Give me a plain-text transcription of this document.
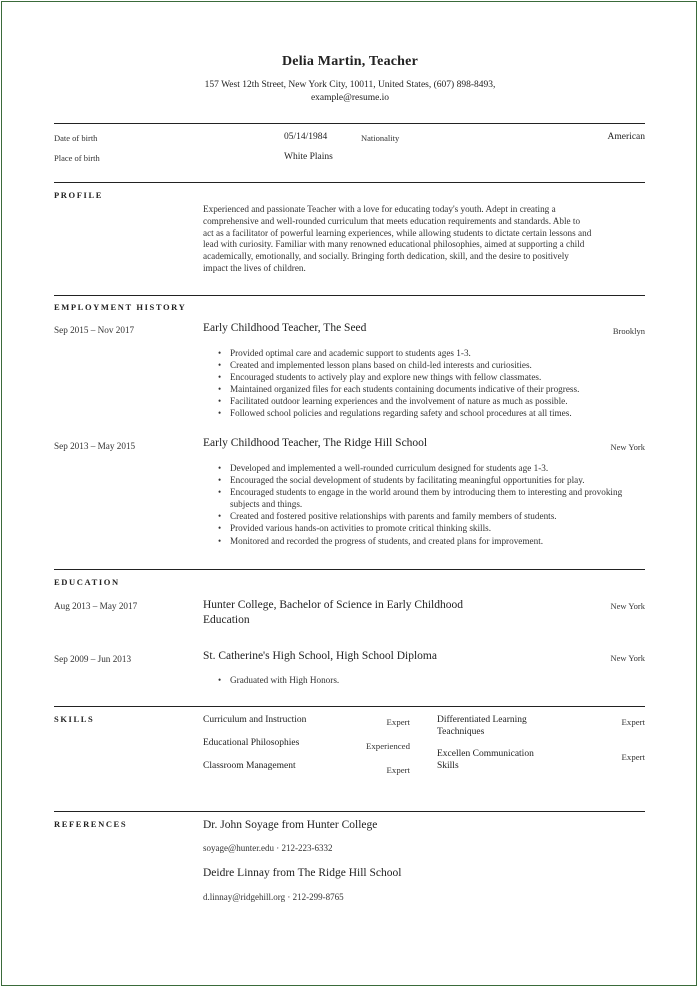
Delia Martin, Teacher
157 West 12th Street, New York City, 10011, United States, (607) 898-8493,
example@resume.io
Date of birth	05/14/1984	Nationality	American
Place of birth	White Plains
PROFILE
Experienced and passionate Teacher with a love for educating today's youth. Adept in creating a
comprehensive and well-rounded curriculum that meets education requirements and standards. Able to
act as a facilitator of powerful learning experiences, while allowing students to dictate certain lessons and
lead with curiosity. Familiar with many renowned educational philosophies, aimed at supporting a child
academically, emotionally, and socially. Bringing forth dedication, skill, and the desire to positively
impact the lives of children.
EMPLOYMENT HISTORY
Sep 2015 – Nov 2017	Early Childhood Teacher, The Seed	Brooklyn
• Provided optimal care and academic support to students ages 1-3.
• Created and implemented lesson plans based on child-led interests and curiosities.
• Encouraged students to actively play and explore new things with fellow classmates.
• Maintained organized files for each students containing documents indicative of their progress.
• Facilitated outdoor learning experiences and the involvement of nature as much as possible.
• Followed school policies and regulations regarding safety and school procedures at all times.
Sep 2013 – May 2015	Early Childhood Teacher, The Ridge Hill School	New York
• Developed and implemented a well-rounded curriculum designed for students age 1-3.
• Encouraged the social development of students by facilitating meaningful opportunities for play.
• Encouraged students to engage in the world around them by introducing them to interesting and provoking subjects and things.
• Created and fostered positive relationships with parents and family members of students.
• Provided various hands-on activities to promote critical thinking skills.
• Monitored and recorded the progress of students, and created plans for improvement.
EDUCATION
Aug 2013 – May 2017	Hunter College, Bachelor of Science in Early Childhood
Education
New York
Sep 2009 – Jun 2013	St. Catherine's High School, High School Diploma	New York
• Graduated with High Honors.
SKILLS	Curriculum and Instruction	Expert
Educational Philosophies	Experienced
Classroom Management	Expert
Differentiated Learning
Teachniques
Expert
Excellen Communication
Skills
Expert
REFERENCES	Dr. John Soyage from Hunter College
soyage@hunter.edu · 212-223-6332
Deidre Linnay from The Ridge Hill School
d.linnay@ridgehill.org · 212-299-8765
